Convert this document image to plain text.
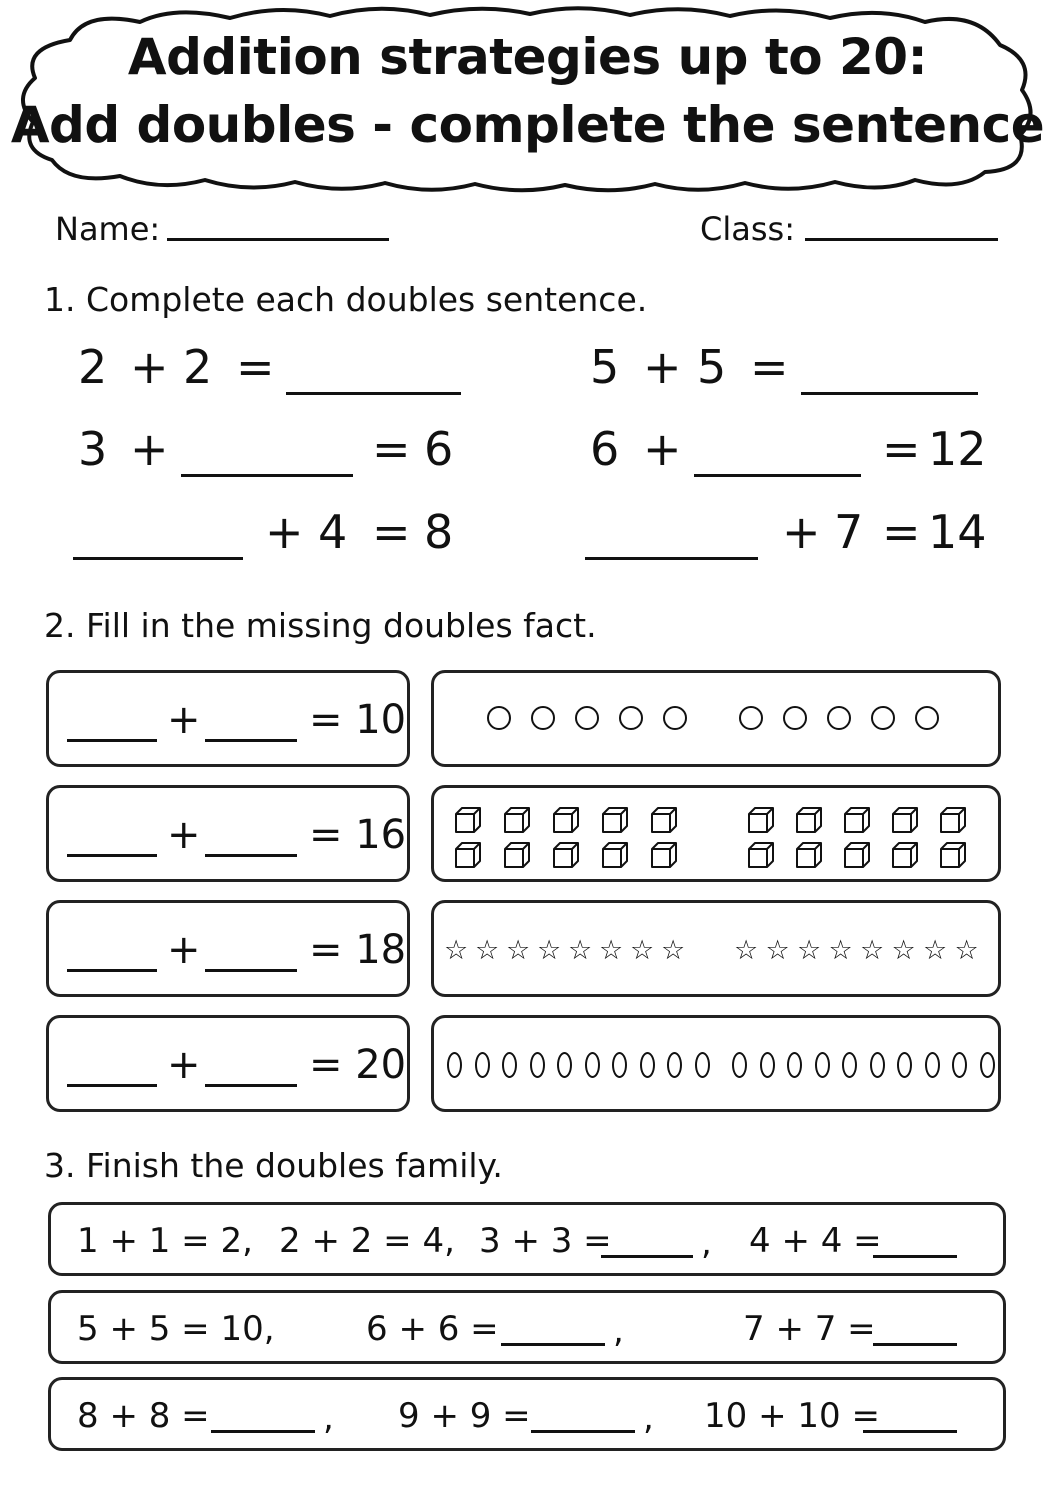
Addition strategies up to 20:
Add doubles - complete the sentence
Name:	Class:
1. Complete each doubles sentence.
2 + 2 =	5 + 5 =
3 +	= 6	6 +	= 12
+ 4 = 8	+ 7 = 14
2. Fill in the missing doubles fact.
+	= 10
+	= 16
+	= 18 ☆ ☆ ☆ ☆ ☆ ☆ ☆ ☆ ☆ ☆ ☆ ☆ ☆ ☆ ☆ ☆
+	= 20
3. Finish the doubles family.
1 + 1 = 2, 2 + 2 = 4, 3 + 3 =	, 4 + 4 =
5 + 5 = 10,	6 + 6 =	,	7 + 7 =
8 + 8 =	, 9 + 9 =	, 10 + 10 =
